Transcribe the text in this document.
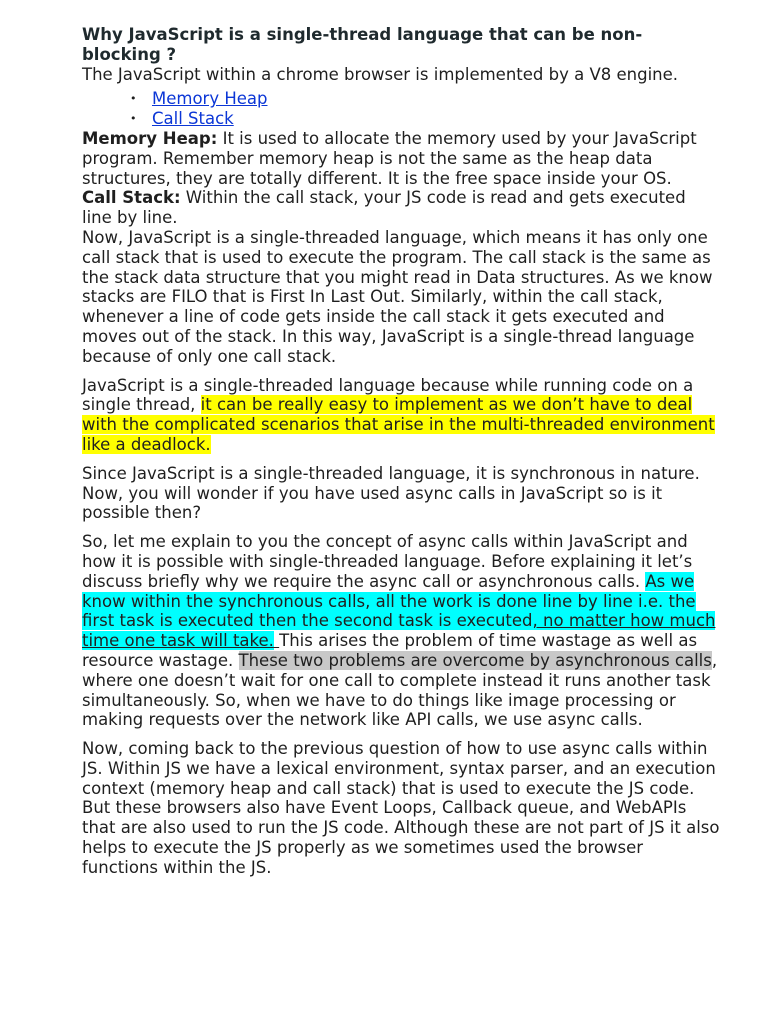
Why JavaScript is a single-thread language that can be non-blocking ?

The JavaScript within a chrome browser is implemented by a V8 engine.

• Memory Heap
• Call Stack

Memory Heap: It is used to allocate the memory used by your JavaScript program. Remember memory heap is not the same as the heap data structures, they are totally different. It is the free space inside your OS.

Call Stack: Within the call stack, your JS code is read and gets executed line by line.

Now, JavaScript is a single-threaded language, which means it has only one call stack that is used to execute the program. The call stack is the same as the stack data structure that you might read in Data structures. As we know stacks are FILO that is First In Last Out. Similarly, within the call stack, whenever a line of code gets inside the call stack it gets executed and moves out of the stack. In this way, JavaScript is a single-thread language because of only one call stack.

JavaScript is a single-threaded language because while running code on a single thread, it can be really easy to implement as we don’t have to deal with the complicated scenarios that arise in the multi-threaded environment like a deadlock.

Since JavaScript is a single-threaded language, it is synchronous in nature. Now, you will wonder if you have used async calls in JavaScript so is it possible then?

So, let me explain to you the concept of async calls within JavaScript and how it is possible with single-threaded language. Before explaining it let’s discuss briefly why we require the async call or asynchronous calls. As we know within the synchronous calls, all the work is done line by line i.e. the first task is executed then the second task is executed, no matter how much time one task will take. This arises the problem of time wastage as well as resource wastage. These two problems are overcome by asynchronous calls, where one doesn’t wait for one call to complete instead it runs another task simultaneously. So, when we have to do things like image processing or making requests over the network like API calls, we use async calls.

Now, coming back to the previous question of how to use async calls within JS. Within JS we have a lexical environment, syntax parser, and an execution context (memory heap and call stack) that is used to execute the JS code. But these browsers also have Event Loops, Callback queue, and WebAPIs that are also used to run the JS code. Although these are not part of JS it also helps to execute the JS properly as we sometimes used the browser functions within the JS.
